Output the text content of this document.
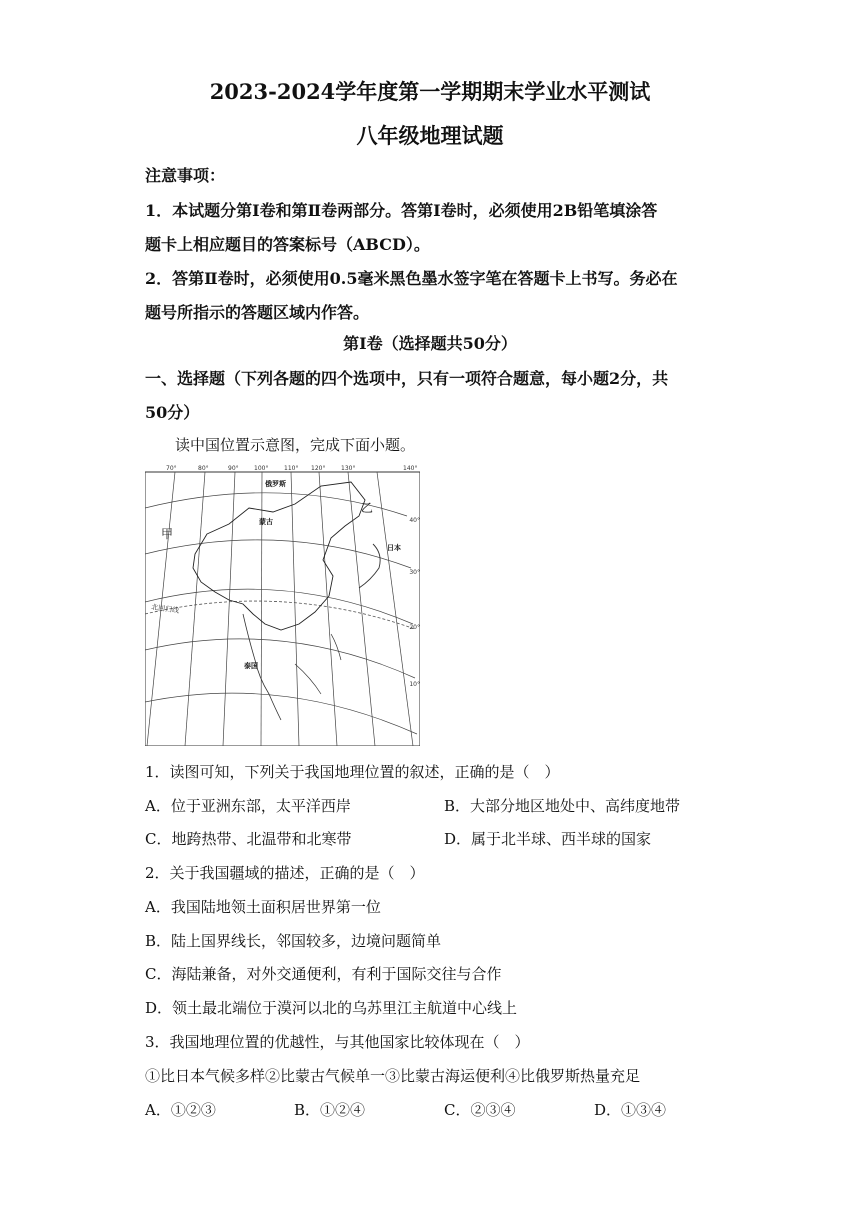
2023-2024学年度第一学期期末学业水平测试
八年级地理试题
注意事项：
1．本试题分第Ⅰ卷和第Ⅱ卷两部分。答第Ⅰ卷时，必须使用2B铅笔填涂答
题卡上相应题目的答案标号（ABCD）。
2．答第Ⅱ卷时，必须使用0.5毫米黑色墨水签字笔在答题卡上书写。务必在
题号所指示的答题区域内作答。
第Ⅰ卷（选择题共50分）
一、选择题（下列各题的四个选项中，只有一项符合题意，每小题2分，共
50分）
读中国位置示意图，完成下面小题。
70°	80°	90°	100°	110° 120°	130°	140°
40°
30°
20°
10°
俄罗斯
蒙古
日本
泰国
甲
乙
北回归线
1．读图可知，下列关于我国地理位置的叙述，正确的是（　）
A．位于亚洲东部，太平洋西岸	B．大部分地区地处中、高纬度地带
C．地跨热带、北温带和北寒带	D．属于北半球、西半球的国家
2．关于我国疆域的描述，正确的是（　）
A．我国陆地领土面积居世界第一位
B．陆上国界线长，邻国较多，边境问题简单
C．海陆兼备，对外交通便利，有利于国际交往与合作
D．领土最北端位于漠河以北的乌苏里江主航道中心线上
3．我国地理位置的优越性，与其他国家比较体现在（　）
①比日本气候多样②比蒙古气候单一③比蒙古海运便利④比俄罗斯热量充足
A．①②③	B．①②④	C．②③④	D．①③④
